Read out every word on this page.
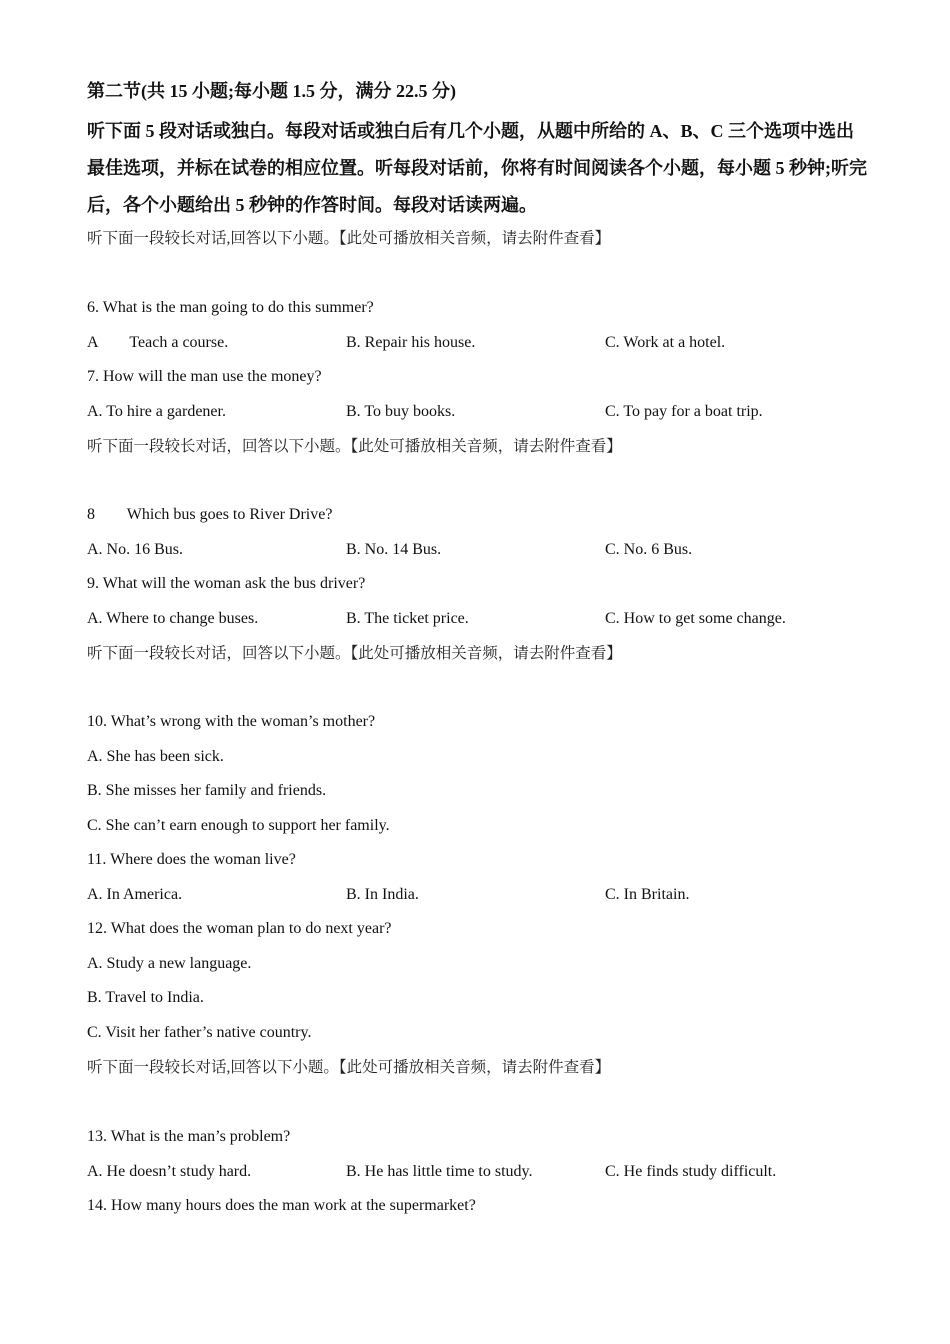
第二节(共 15 小题;每小题 1.5 分，满分 22.5 分)
听下面 5 段对话或独白。每段对话或独白后有几个小题，从题中所给的 A、B、C 三个选项中选出最佳选项，并标在试卷的相应位置。听每段对话前，你将有时间阅读各个小题，每小题 5 秒钟;听完后，各个小题给出 5 秒钟的作答时间。每段对话读两遍。
听下面一段较长对话,回答以下小题。【此处可播放相关音频，请去附件查看】
6. What is the man going to do this summer?
A        Teach a course.	B. Repair his house.	C. Work at a hotel.
7. How will the man use the money?
A. To hire a gardener.	B. To buy books.	C. To pay for a boat trip.
听下面一段较长对话，回答以下小题。【此处可播放相关音频，请去附件查看】
8        Which bus goes to River Drive?
A. No. 16 Bus.	B. No. 14 Bus.	C. No. 6 Bus.
9. What will the woman ask the bus driver?
A. Where to change buses.	B. The ticket price.	C. How to get some change.
听下面一段较长对话，回答以下小题。【此处可播放相关音频，请去附件查看】
10. What’s wrong with the woman’s mother?
A. She has been sick.
B. She misses her family and friends.
C. She can’t earn enough to support her family.
11. Where does the woman live?
A. In America.	B. In India.	C. In Britain.
12. What does the woman plan to do next year?
A. Study a new language.
B. Travel to India.
C. Visit her father’s native country.
听下面一段较长对话,回答以下小题。【此处可播放相关音频，请去附件查看】
13. What is the man’s problem?
A. He doesn’t study hard.	B. He has little time to study.	C. He finds study difficult.
14. How many hours does the man work at the supermarket?
